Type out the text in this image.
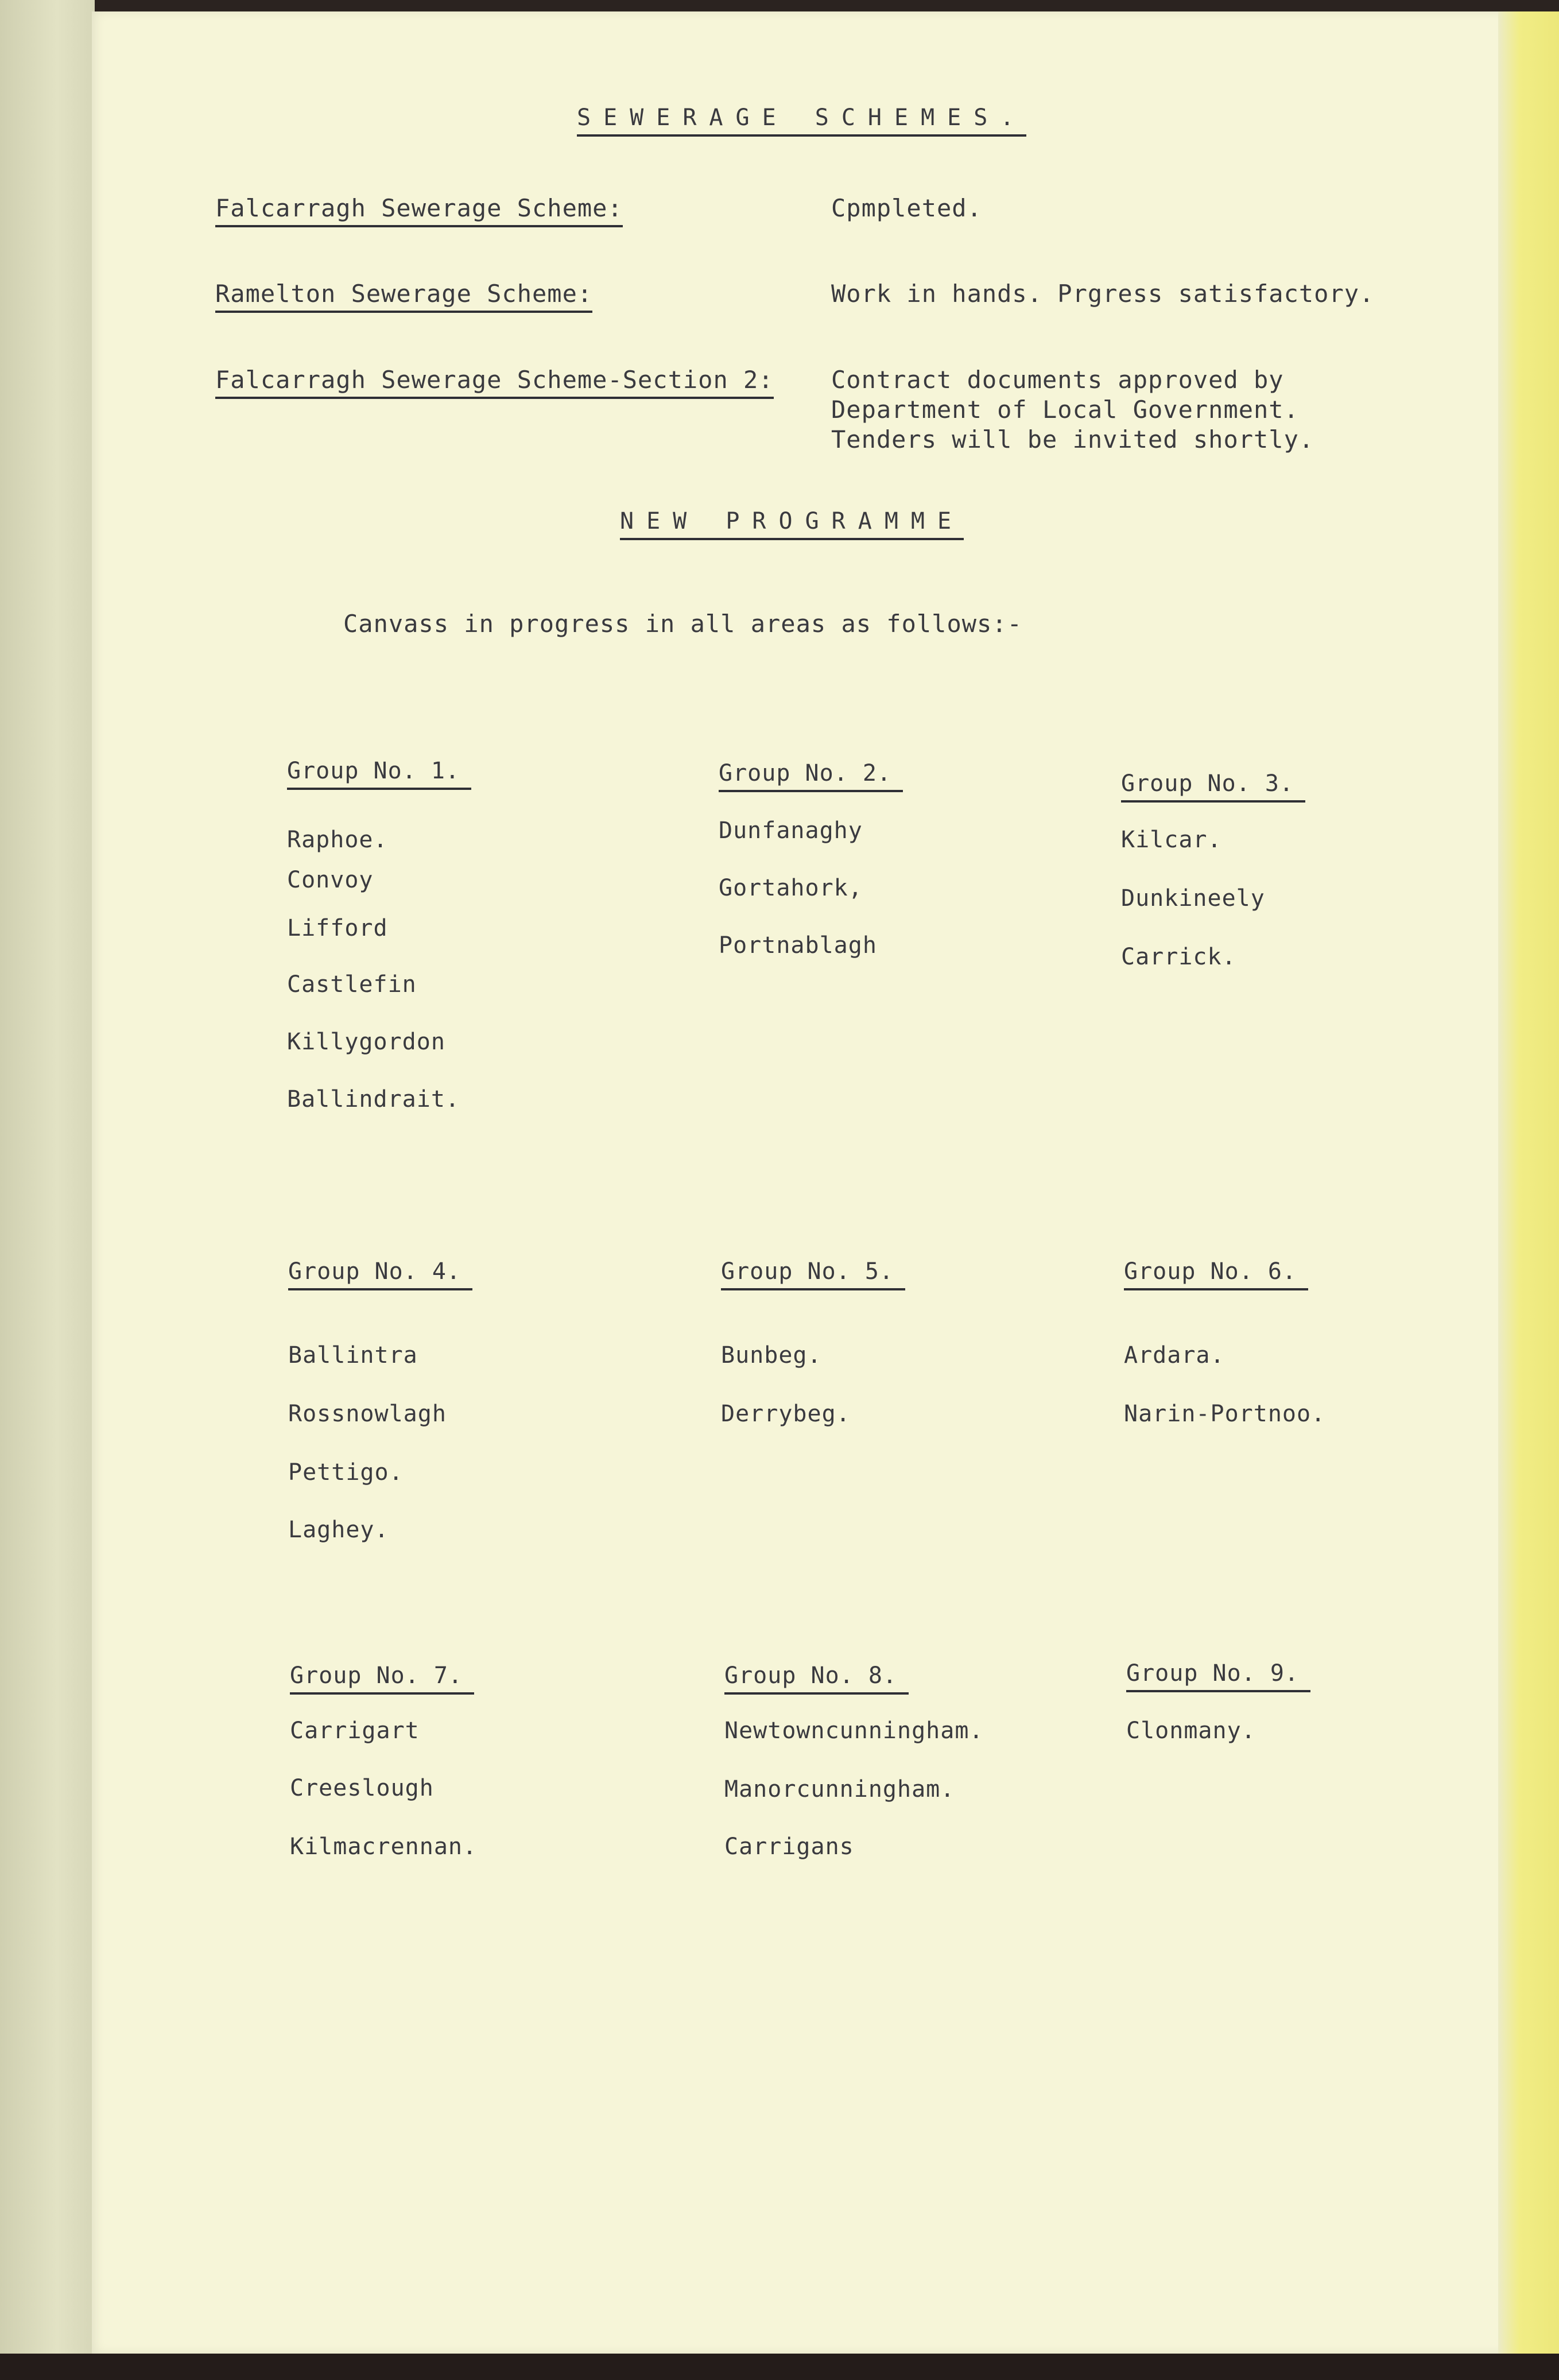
SEWERAGE SCHEMES.
Falcarragh Sewerage Scheme:	Cpmpleted.
Ramelton Sewerage Scheme:	Work in hands. Prgress satisfactory.
Falcarragh Sewerage Scheme-Section 2: Contract documents approved by
Department of Local Government.
Tenders will be invited shortly.
NEW PROGRAMME
Canvass in progress in all areas as follows:-
Group No. 1.
Raphoe.
Convoy
Lifford
Castlefin
Killygordon
Ballindrait.
Group No. 2.
Dunfanaghy
Gortahork,
Portnablagh
Group No. 3.
Kilcar.
Dunkineely
Carrick.
Group No. 4.
Ballintra
Rossnowlagh
Pettigo.
Laghey.
Group No. 5.
Bunbeg.
Derrybeg.
Group No. 6.
Ardara.
Narin-Portnoo.
Group No. 7.
Carrigart
Creeslough
Kilmacrennan.
Group No. 8.
Newtowncunningham.
Manorcunningham.
Carrigans
Group No. 9.
Clonmany.
